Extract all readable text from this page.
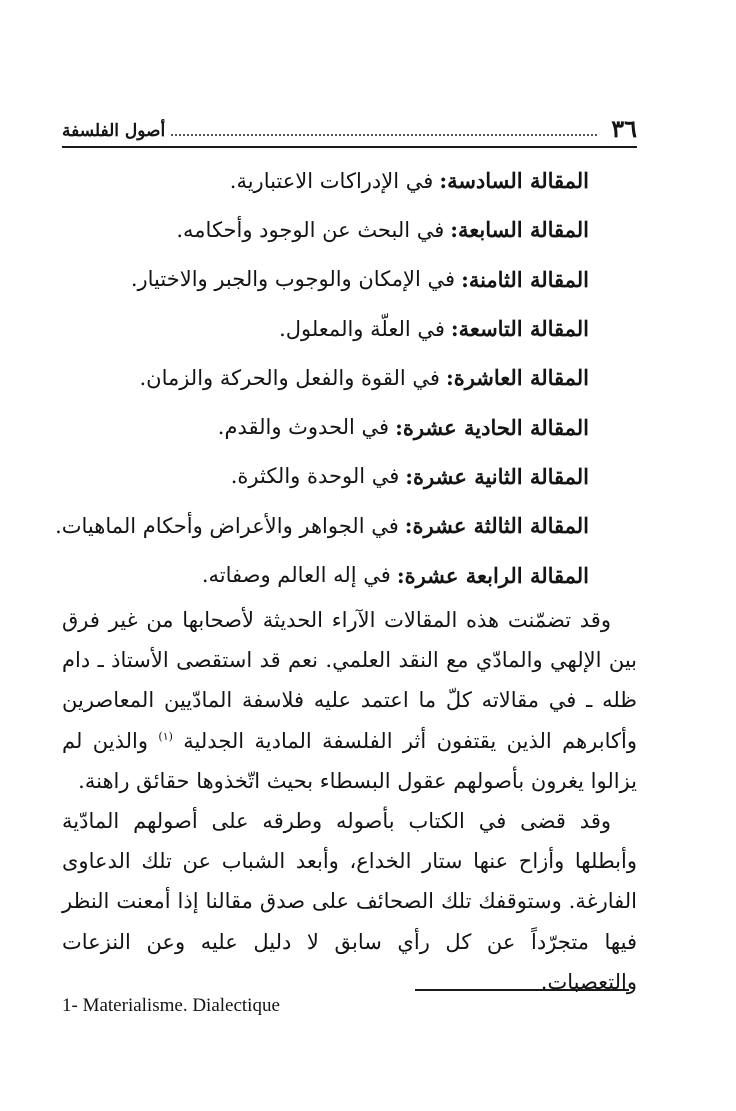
٣٦
أصول الفلسفة
المقالة السادسة:
في الإدراكات الاعتبارية.
المقالة السابعة:
في البحث عن الوجود وأحكامه.
المقالة الثامنة:
في الإمكان والوجوب والجبر والاختيار.
المقالة التاسعة:
في العلّة والمعلول.
المقالة العاشرة:
في القوة والفعل والحركة والزمان.
المقالة الحادية عشرة:
في الحدوث والقدم.
المقالة الثانية عشرة:
في الوحدة والكثرة.
المقالة الثالثة عشرة:
في الجواهر والأعراض وأحكام الماهيات.
المقالة الرابعة عشرة:
في إله العالم وصفاته.

وقد تضمّنت هذه المقالات الآراء الحديثة لأصحابها من غير فرق بين الإلهي والمادّي مع النقد العلمي. نعم قد استقصى الأستاذ ـ دام ظله ـ في مقالاته كلّ ما اعتمد عليه فلاسفة المادّيين المعاصرين وأكابرهم الذين يقتفون أثر الفلسفة المادية الجدلية $^{(١)}$ والذين لم يزالوا يغرون بأصولهم عقول البسطاء بحيث اتّخذوها حقائق راهنة.

وقد قضى في الكتاب بأصوله وطرقه على أصولهم المادّية وأبطلها وأزاح عنها ستار الخداع، وأبعد الشباب عن تلك الدعاوى الفارغة. وستوقفك تلك الصحائف على صدق مقالنا إذا أمعنت النظر فيها متجرّداً عن كل رأي سابق لا دليل عليه وعن النزعات والتعصبات.

1- Materialisme. Dialectique
